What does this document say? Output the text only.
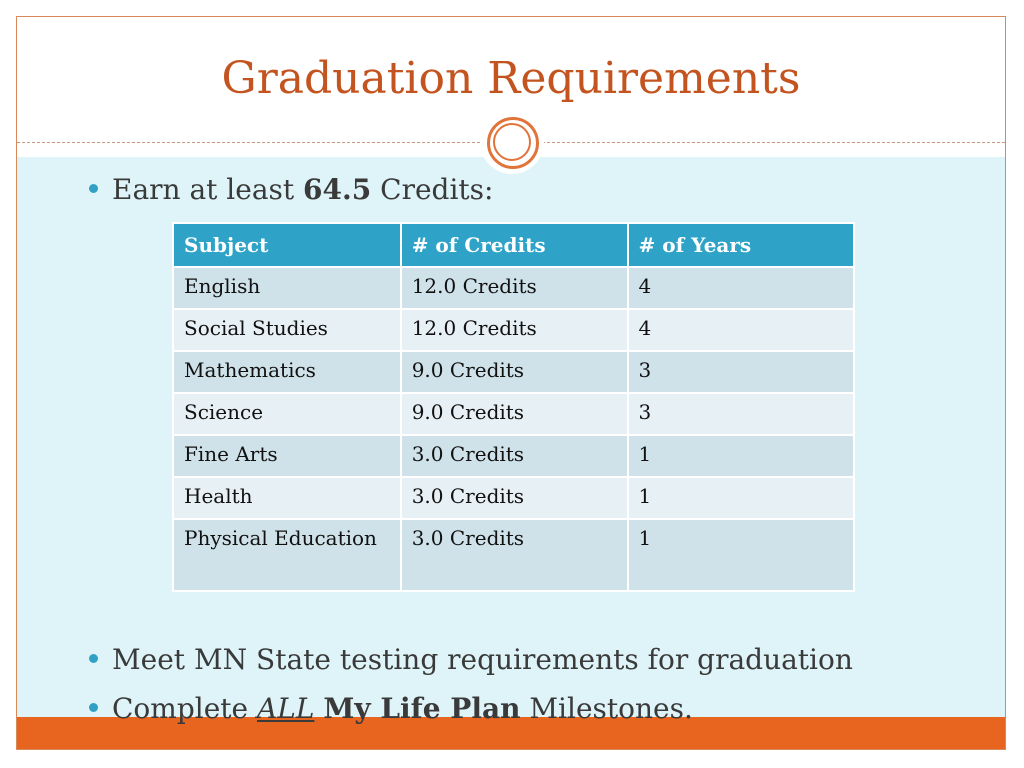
Graduation Requirements
Earn at least 64.5 Credits:
Subject	# of Credits	# of Years
English	12.0 Credits	4
Social Studies	12.0 Credits	4
Mathematics	9.0 Credits	3
Science	9.0 Credits	3
Fine Arts	3.0 Credits	1
Health	3.0 Credits	1
Physical Education	3.0 Credits	1
Meet MN State testing requirements for graduation
Complete ALL My Life Plan Milestones.
